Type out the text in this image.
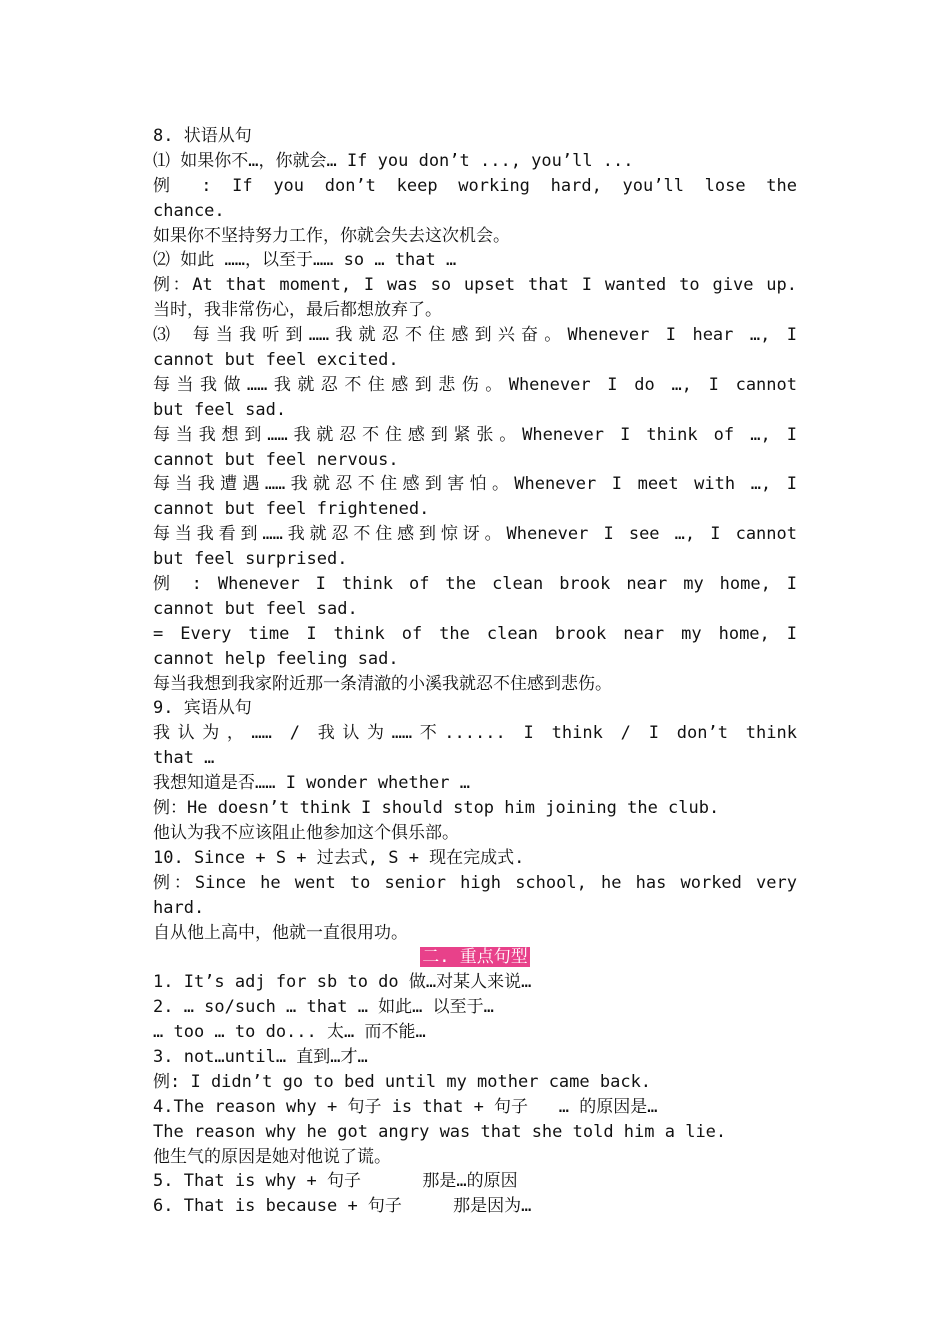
8. 状语从句
⑴ 如果你不…，你就会… If you don’t ..., you’ll ...
例 : If you don’t keep working hard, you’ll lose the
chance.
如果你不坚持努力工作，你就会失去这次机会。
⑵ 如此 ……，以至于…… so … that …
例：At that moment, I was so upset that I wanted to give up.
当时，我非常伤心，最后都想放弃了。
⑶ 每当我听到……我就忍不住感到兴奋。Whenever I hear …, I
cannot but feel excited.
每当我做……我就忍不住感到悲伤。Whenever I do …, I cannot
but feel sad.
每当我想到……我就忍不住感到紧张。Whenever I think of …, I
cannot but feel nervous.
每当我遭遇……我就忍不住感到害怕。Whenever I meet with …, I
cannot but feel frightened.
每当我看到……我就忍不住感到惊讶。Whenever I see …, I cannot
but feel surprised.
例 : Whenever I think of the clean brook near my home, I
cannot but feel sad.
= Every time I think of the clean brook near my home, I
cannot help feeling sad.
每当我想到我家附近那一条清澈的小溪我就忍不住感到悲伤。
9. 宾语从句
我认为，…… / 我认为……不...... I think / I don’t think
that …
我想知道是否…… I wonder whether …
例：He doesn’t think I should stop him joining the club.
他认为我不应该阻止他参加这个俱乐部。
10. Since + S + 过去式, S + 现在完成式.
例：Since he went to senior high school, he has worked very
hard.
自从他上高中，他就一直很用功。
二. 重点句型
1. It’s adj for sb to do 做…对某人来说…
2. … so/such … that … 如此… 以至于…
… too … to do... 太… 而不能…
3. not…until… 直到…才…
例: I didn’t go to bed until my mother came back.
4.The reason why + 句子 is that + 句子   … 的原因是…
The reason why he got angry was that she told him a lie.
他生气的原因是她对他说了谎。
5. That is why + 句子      那是…的原因
6. That is because + 句子     那是因为…
